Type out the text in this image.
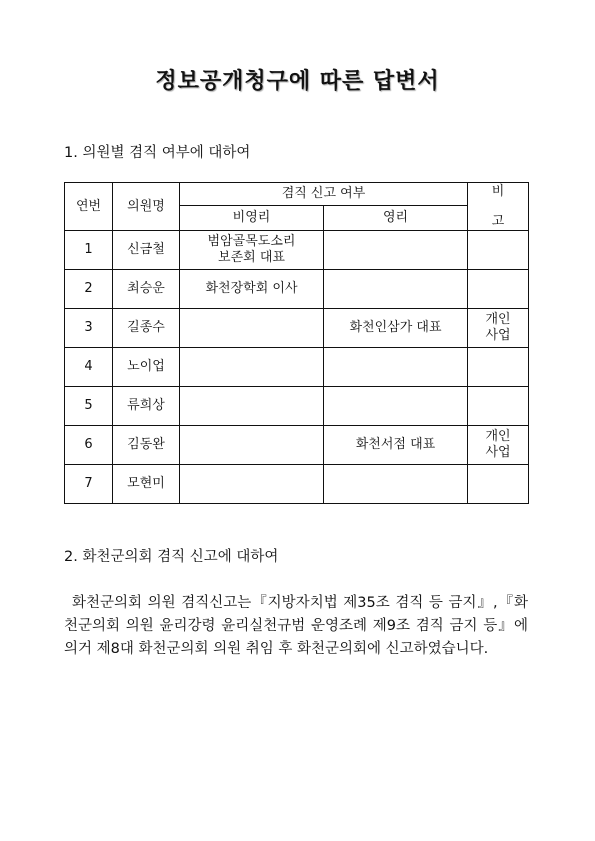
정보공개청구에 따른 답변서
1. 의원별 겸직 여부에 대하여
연번	의원명	겸직 신고 여부		비
고

		비영리	영리	
1	신금철	범암골목도소리
보존회 대표		
2	최승운	화천장학회 이사		
3	길종수		화천인삼가 대표	개인
사업
4	노이업			
5	류희상			
6	김동완		화천서점 대표	개인
사업
7	모현미			
2. 화천군의회 겸직 신고에 대하여
화천군의회 의원 겸직신고는『지방자치법 제35조 겸직 등 금지』,『화천군의회 의원 윤리강령 윤리실천규범 운영조례 제9조 겸직 금지 등』에 의거 제8대 화천군의회 의원 취임 후 화천군의회에 신고하였습니다.
